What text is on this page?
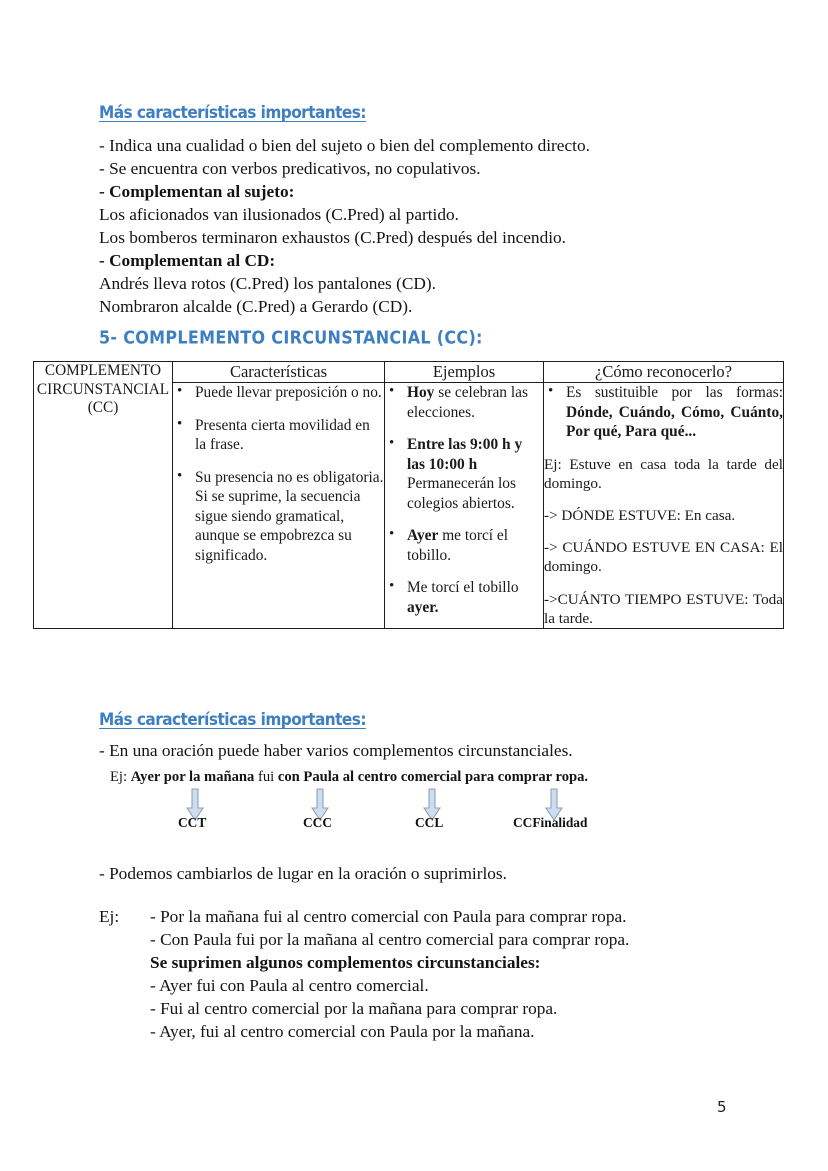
Más características importantes:
- Indica una cualidad o bien del sujeto o bien del complemento directo.
- Se encuentra con verbos predicativos, no copulativos.
- Complementan al sujeto:
Los aficionados van ilusionados (C.Pred) al partido.
Los bomberos terminaron exhaustos (C.Pred) después del incendio.
- Complementan al CD:
Andrés lleva rotos (C.Pred) los pantalones (CD).
Nombraron alcalde (C.Pred) a Gerardo (CD).
5- COMPLEMENTO CIRCUNSTANCIAL (CC):
COMPLEMENTO
CIRCUNSTANCIAL
(CC)	Características	Ejemplos	¿Cómo reconocerlo?

• Puede llevar preposición o no.
• Presenta cierta movilidad en la frase.
• Su presencia no es obligatoria. Si se suprime, la secuencia sigue siendo gramatical, aunque se empobrezca su significado.

• Hoy se celebran las elecciones.
• Entre las 9:00 h y las 10:00 h Permanecerán los colegios abiertos.
• Ayer me torcí el tobillo.
• Me torcí el tobillo ayer.

• Es sustituible por las formas: Dónde, Cuándo, Cómo, Cuánto, Por qué, Para qué...

Ej: Estuve en casa toda la tarde del domingo.

-> DÓNDE ESTUVE: En casa.

-> CUÁNDO ESTUVE EN CASA: El domingo.

->CUÁNTO TIEMPO ESTUVE: Toda la tarde.

Más características importantes:
- En una oración puede haber varios complementos circunstanciales.
Ej: Ayer por la mañana fui con Paula al centro comercial para comprar ropa.
CCT	CCC	CCL	CCFinalidad
- Podemos cambiarlos de lugar en la oración o suprimirlos.
Ej: - Por la mañana fui al centro comercial con Paula para comprar ropa.
- Con Paula fui por la mañana al centro comercial para comprar ropa.
Se suprimen algunos complementos circunstanciales:
- Ayer fui con Paula al centro comercial.
- Fui al centro comercial por la mañana para comprar ropa.
- Ayer, fui al centro comercial con Paula por la mañana.
5
